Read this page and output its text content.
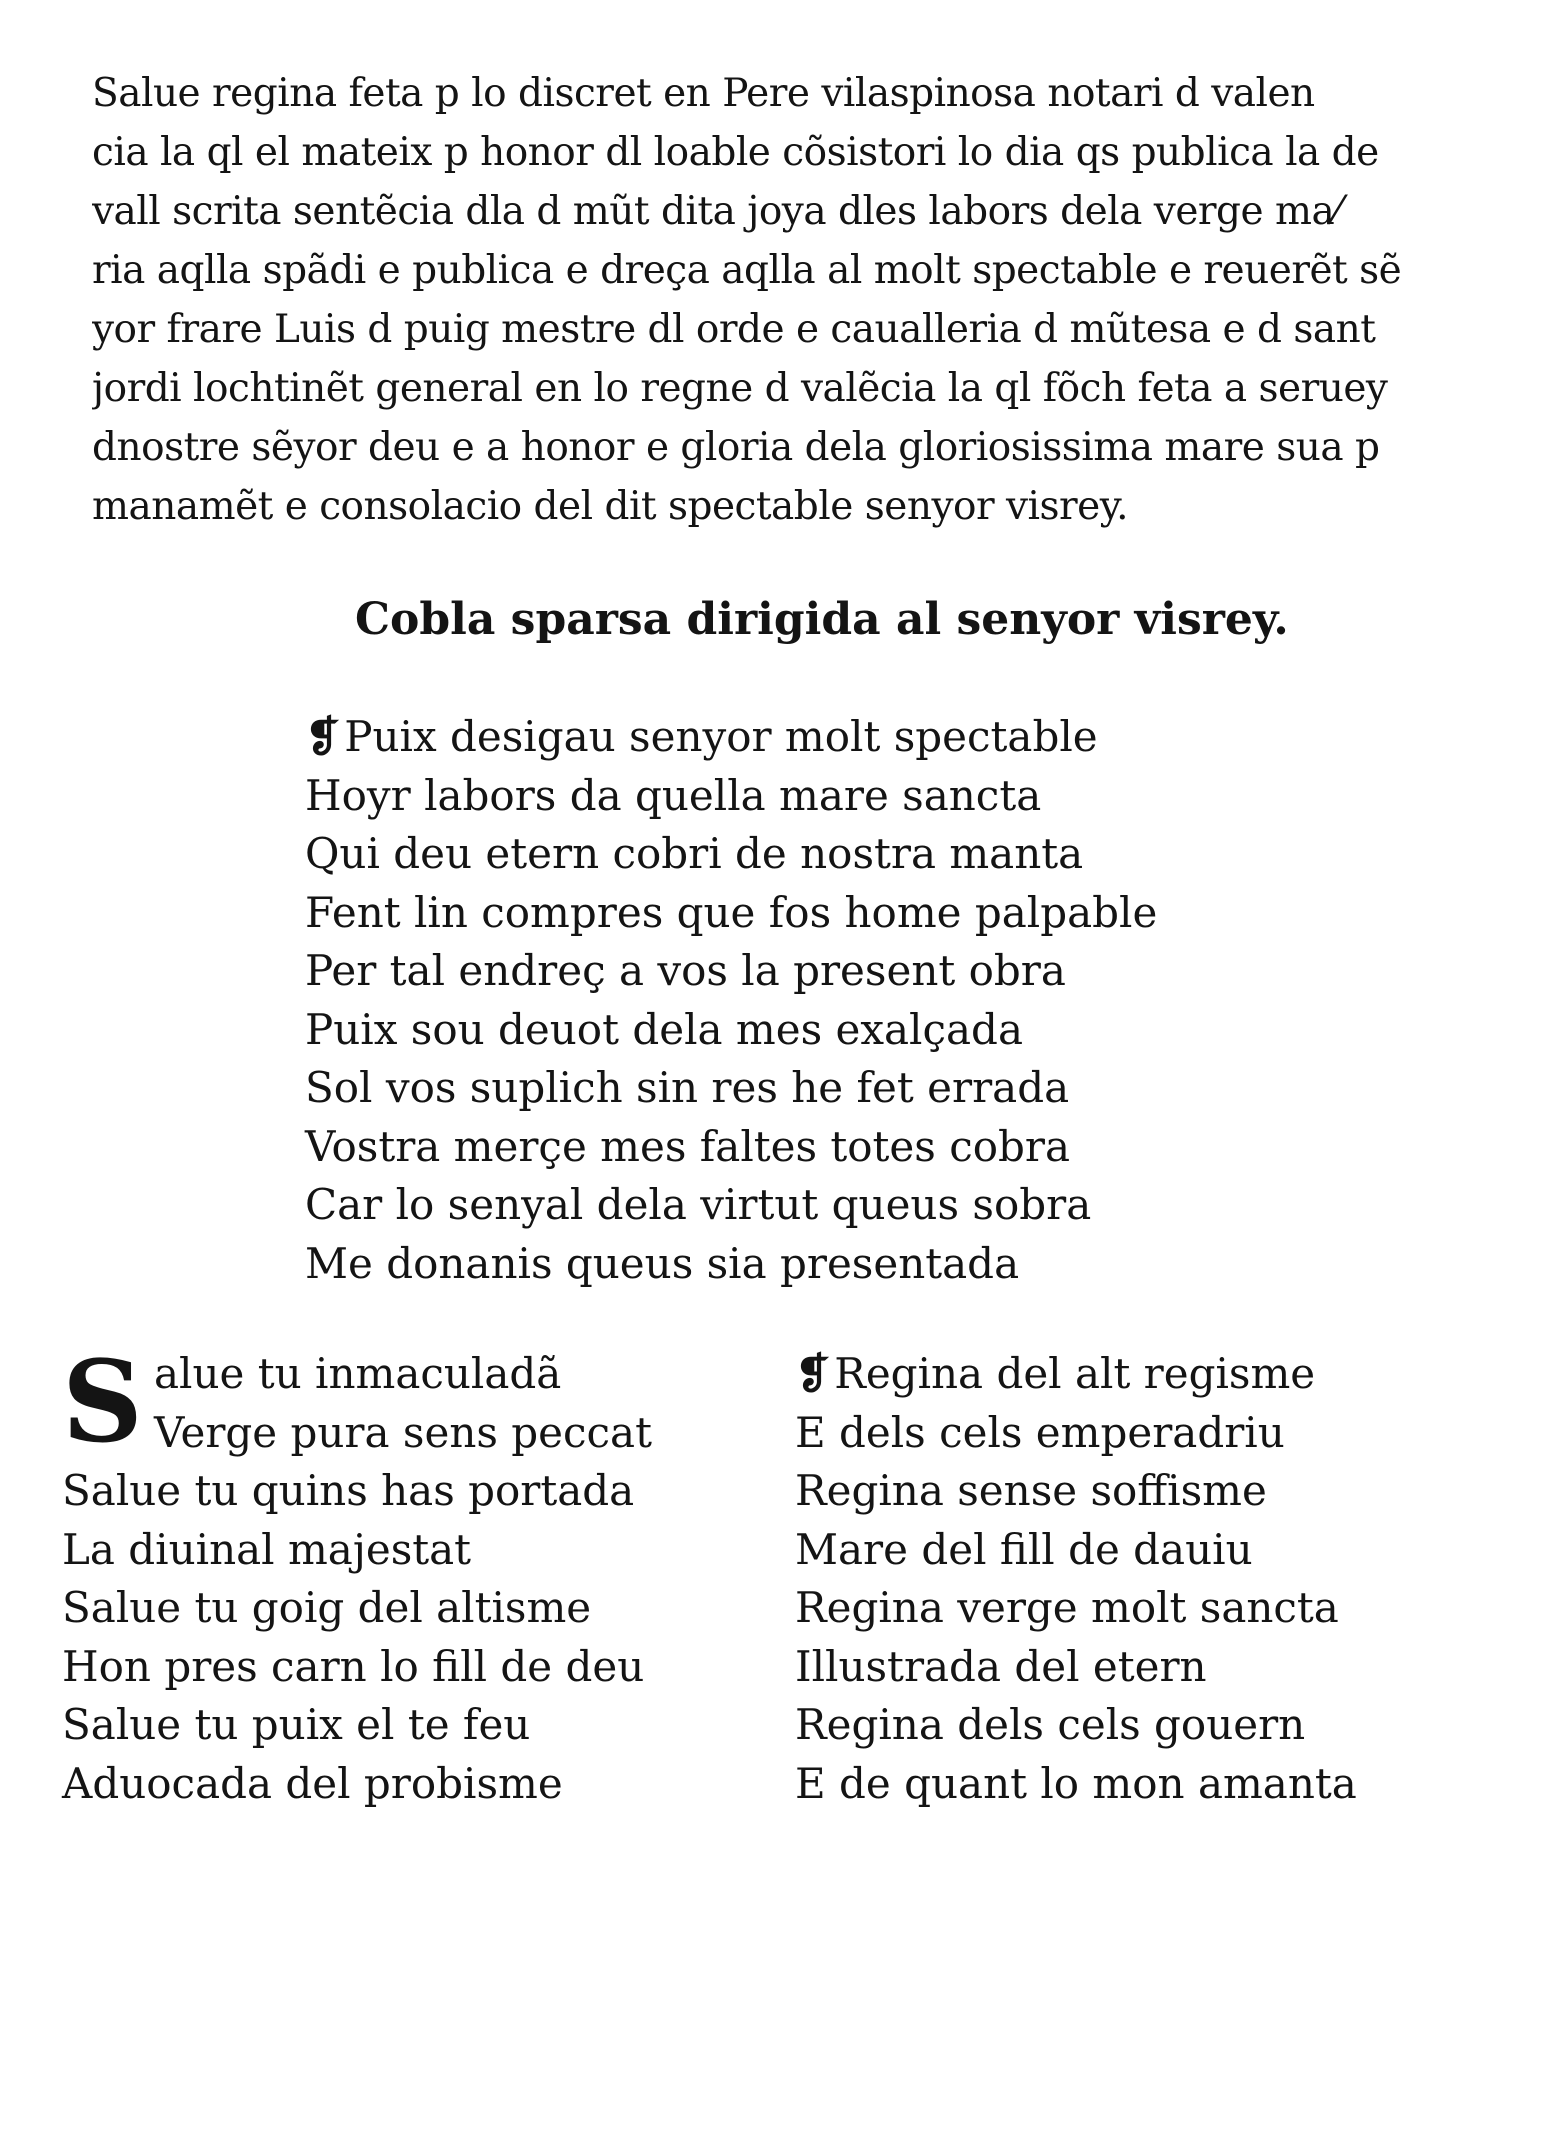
Salue regina feta p lo discret en Pere vilaspinosa notari d valen
cia la ql el mateix p honor dl loable cõsistori lo dia qs publica la de
vall scrita sentẽcia dla d mũt dita joya dles labors dela verge ma⁄
ria aqlla spãdi e publica e dreça aqlla al molt spectable e reuerẽt sẽ
yor frare Luis d puig mestre dl orde e caualleria d mũtesa e d sant
jordi lochtinẽt general en lo regne d valẽcia la ql fõch feta a seruey
dnostre sẽyor deu e a honor e gloria dela gloriosissima mare sua p
manamẽt e consolacio del dit spectable senyor visrey.
Cobla sparsa dirigida al senyor visrey.
❡Puix desigau senyor molt spectable
Hoyr labors da quella mare sancta
Qui deu etern cobri de nostra manta
Fent lin compres que fos home palpable
Per tal endreç a vos la present obra
Puix sou deuot dela mes exalçada
Sol vos suplich sin res he fet errada
Vostra merçe mes faltes totes cobra
Car lo senyal dela virtut queus sobra
Me donanis queus sia presentada
S alue tu inmaculadã
Verge pura sens peccat
Salue tu quins has portada
La diuinal majestat
Salue tu goig del altisme
Hon pres carn lo fill de deu
Salue tu puix el te feu
Aduocada del probisme
❡Regina del alt regisme
E dels cels emperadriu
Regina sense soffisme
Mare del fill de dauiu
Regina verge molt sancta
Illustrada del etern
Regina dels cels gouern
E de quant lo mon amanta
